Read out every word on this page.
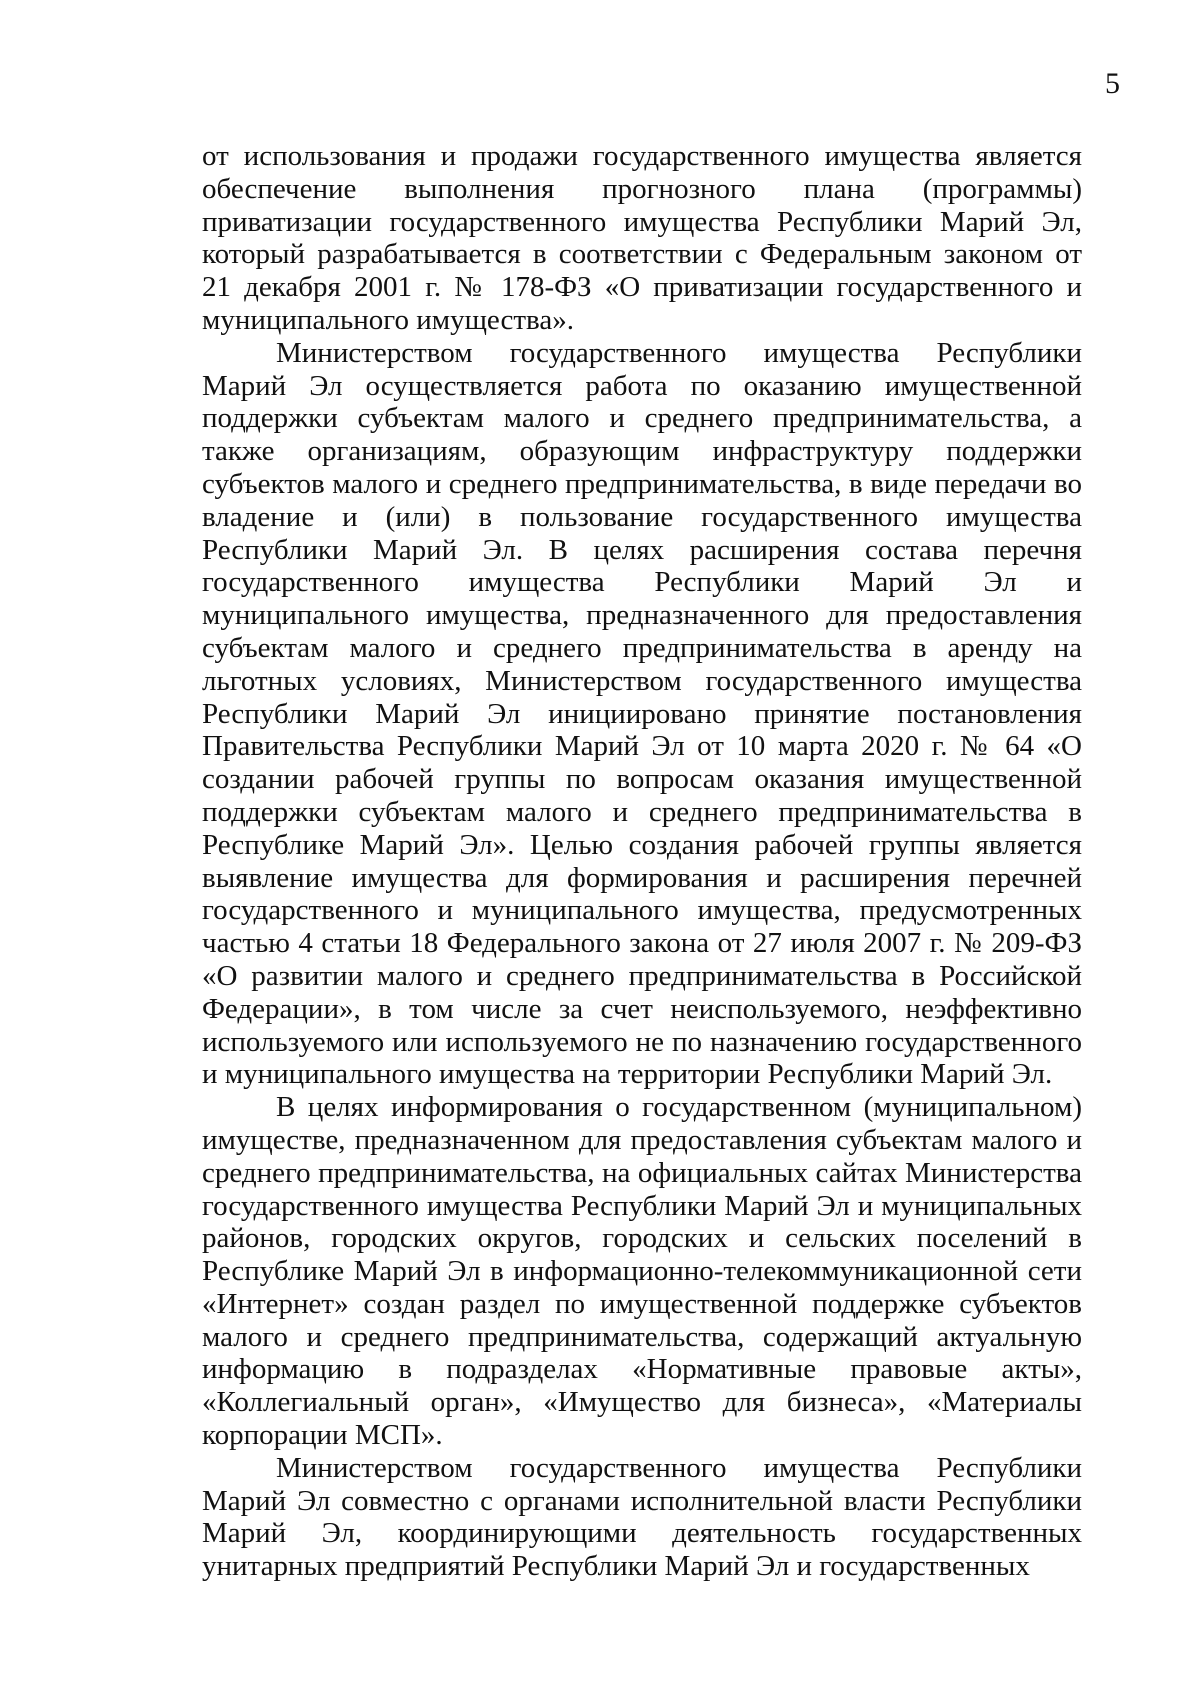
5

от использования и продажи государственного имущества является обеспечение выполнения прогнозного плана (программы) приватизации государственного имущества Республики Марий Эл, который разрабатывается в соответствии с Федеральным законом от 21 декабря 2001 г. № 178-ФЗ «О приватизации государственного и муниципального имущества».

Министерством государственного имущества Республики Марий Эл осуществляется работа по оказанию имущественной поддержки субъектам малого и среднего предпринимательства, а также организациям, образующим инфраструктуру поддержки субъектов малого и среднего предпринимательства, в виде передачи во владение и (или) в пользование государственного имущества Республики Марий Эл. В целях расширения состава перечня государственного имущества Республики Марий Эл и муниципального имущества, предназначенного для предоставления субъектам малого и среднего предпринимательства в аренду на льготных условиях, Министерством государственного имущества Республики Марий Эл инициировано принятие постановления Правительства Республики Марий Эл от 10 марта 2020 г. № 64 «О создании рабочей группы по вопросам оказания имущественной поддержки субъектам малого и среднего предпринимательства в Республике Марий Эл». Целью создания рабочей группы является выявление имущества для формирования и расширения перечней государственного и муниципального имущества, предусмотренных частью 4 статьи 18 Федерального закона от 27 июля 2007 г. № 209-ФЗ «О развитии малого и среднего предпринимательства в Российской Федерации», в том числе за счет неиспользуемого, неэффективно используемого или используемого не по назначению государственного и муниципального имущества на территории Республики Марий Эл.

В целях информирования о государственном (муниципальном) имуществе, предназначенном для предоставления субъектам малого и среднего предпринимательства, на официальных сайтах Министерства государственного имущества Республики Марий Эл и муниципальных районов, городских округов, городских и сельских поселений в Республике Марий Эл в информационно-телекоммуникационной сети «Интернет» создан раздел по имущественной поддержке субъектов малого и среднего предпринимательства, содержащий актуальную информацию в подразделах «Нормативные правовые акты», «Коллегиальный орган», «Имущество для бизнеса», «Материалы корпорации МСП».

Министерством государственного имущества Республики Марий Эл совместно с органами исполнительной власти Республики Марий Эл, координирующими деятельность государственных унитарных предприятий Республики Марий Эл и государственных
